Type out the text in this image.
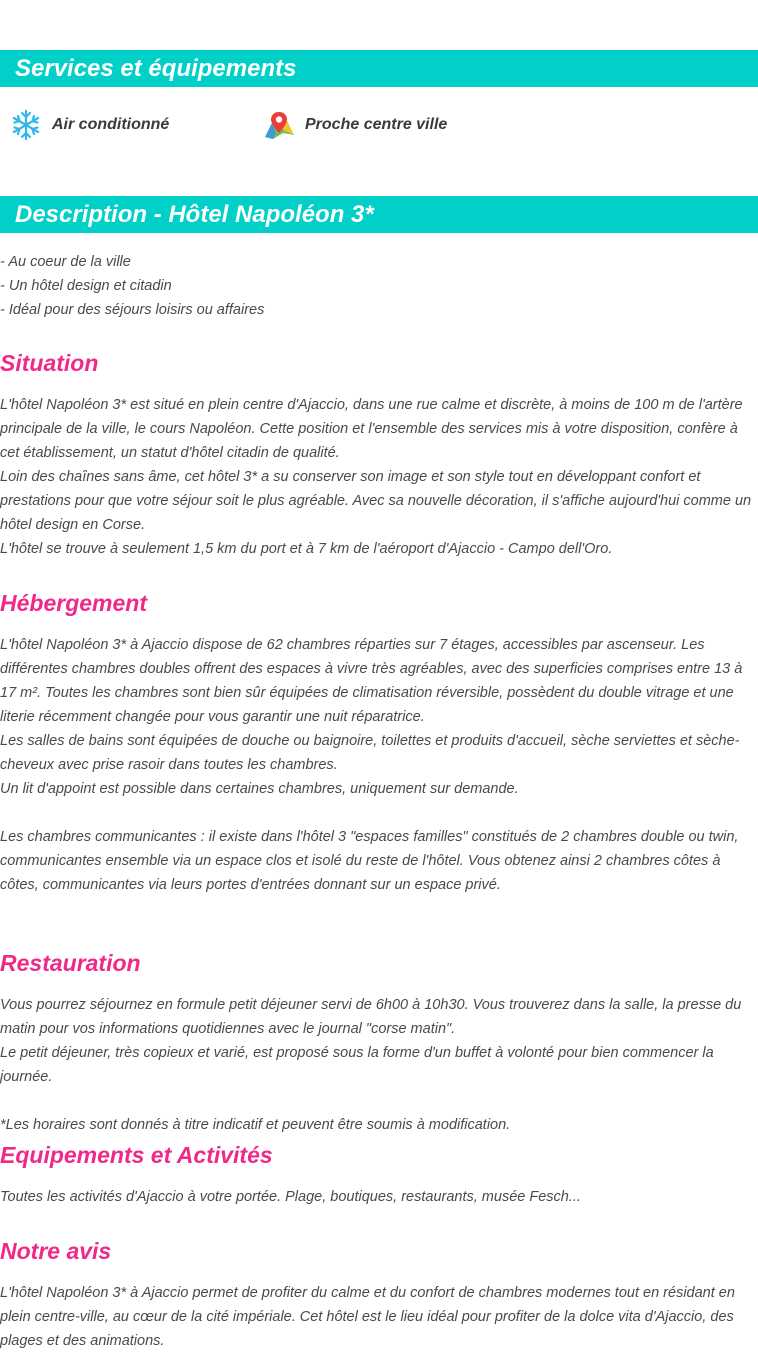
Services et équipements
Air conditionné	Proche centre ville
Description - Hôtel Napoléon 3*
- Au coeur de la ville
- Un hôtel design et citadin
- Idéal pour des séjours loisirs ou affaires
Situation

L'hôtel Napoléon 3* est situé en plein centre d'Ajaccio, dans une rue calme et discrète, à moins de 100 m de l'artère principale de la ville, le cours Napoléon. Cette position et l'ensemble des services mis à votre disposition, confère à cet établissement, un statut d'hôtel citadin de qualité.

Loin des chaînes sans âme, cet hôtel 3* a su conserver son image et son style tout en développant confort et prestations pour que votre séjour soit le plus agréable. Avec sa nouvelle décoration, il s'affiche aujourd'hui comme un hôtel design en Corse.

L'hôtel se trouve à seulement 1,5 km du port et à 7 km de l'aéroport d'Ajaccio - Campo dell'Oro.

Hébergement

L'hôtel Napoléon 3* à Ajaccio dispose de 62 chambres réparties sur 7 étages, accessibles par ascenseur. Les différentes chambres doubles offrent des espaces à vivre très agréables, avec des superficies comprises entre 13 à 17 m². Toutes les chambres sont bien sûr équipées de climatisation réversible, possèdent du double vitrage et une literie récemment changée pour vous garantir une nuit réparatrice.

Les salles de bains sont équipées de douche ou baignoire, toilettes et produits d'accueil, sèche serviettes et sèche-cheveux avec prise rasoir dans toutes les chambres.

Un lit d'appoint est possible dans certaines chambres, uniquement sur demande.

Les chambres communicantes : il existe dans l'hôtel 3 "espaces familles" constitués de 2 chambres double ou twin, communicantes ensemble via un espace clos et isolé du reste de l'hôtel. Vous obtenez ainsi 2 chambres côtes à côtes, communicantes via leurs portes d'entrées donnant sur un espace privé.

Restauration

Vous pourrez séjournez en formule petit déjeuner servi de 6h00 à 10h30. Vous trouverez dans la salle, la presse du matin pour vos informations quotidiennes avec le journal "corse matin".

Le petit déjeuner, très copieux et varié, est proposé sous la forme d'un buffet à volonté pour bien commencer la journée.

*Les horaires sont donnés à titre indicatif et peuvent être soumis à modification.

Equipements et Activités

Toutes les activités d'Ajaccio à votre portée. Plage, boutiques, restaurants, musée Fesch...

Notre avis

L'hôtel Napoléon 3* à Ajaccio permet de profiter du calme et du confort de chambres modernes tout en résidant en plein centre-ville, au cœur de la cité impériale. Cet hôtel est le lieu idéal pour profiter de la dolce vita d'Ajaccio, des plages et des animations.
